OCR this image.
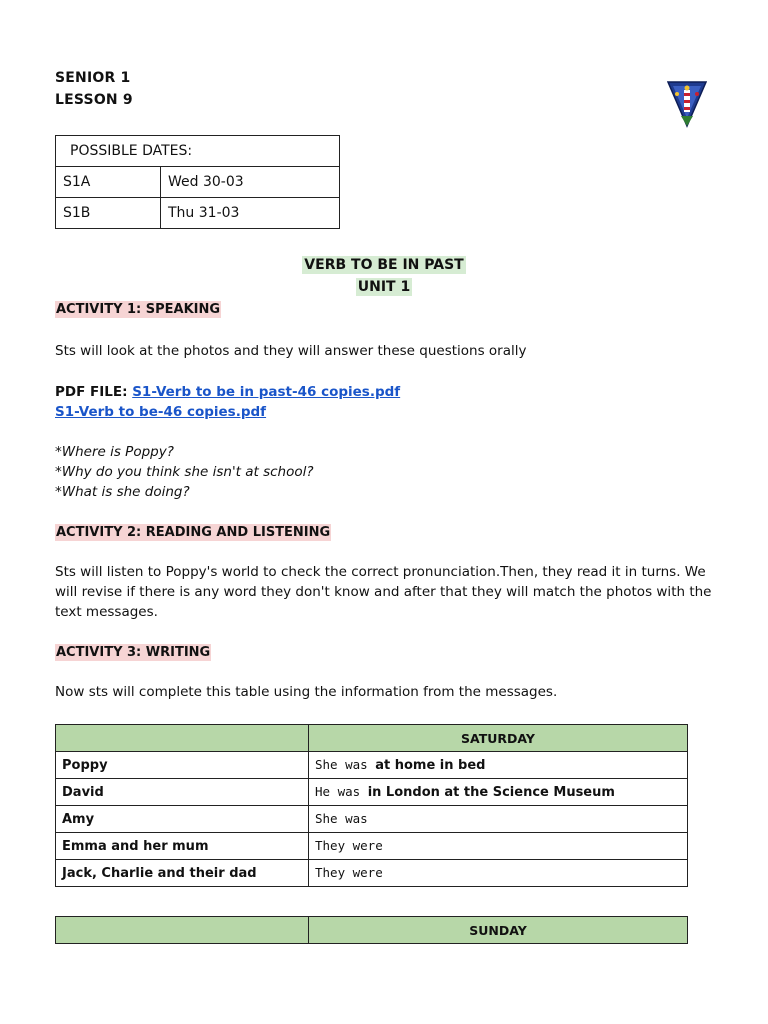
SENIOR 1
LESSON 9
POSSIBLE DATES:	
S1A	Wed 30-03
S1B	Thu 31-03
VERB TO BE IN PAST
UNIT 1
ACTIVITY 1: SPEAKING
Sts will look at the photos and they will answer these questions orally
PDF FILE: S1-Verb to be in past-46 copies.pdf
S1-Verb to be-46 copies.pdf
*Where is Poppy?
*Why do you think she isn't at school?
*What is she doing?
ACTIVITY 2: READING AND LISTENING
Sts will listen to Poppy's world to check the correct pronunciation.Then, they read it in turns. We will revise if there is any word they don't know and after that they will match the photos with the text messages.
ACTIVITY 3: WRITING
Now sts will complete this table using the information from the messages.
	SATURDAY
Poppy	She was at home in bed
David	He was in London at the Science Museum
Amy	She was
Emma and her mum	They were
Jack, Charlie and their dad	They were
	SUNDAY
